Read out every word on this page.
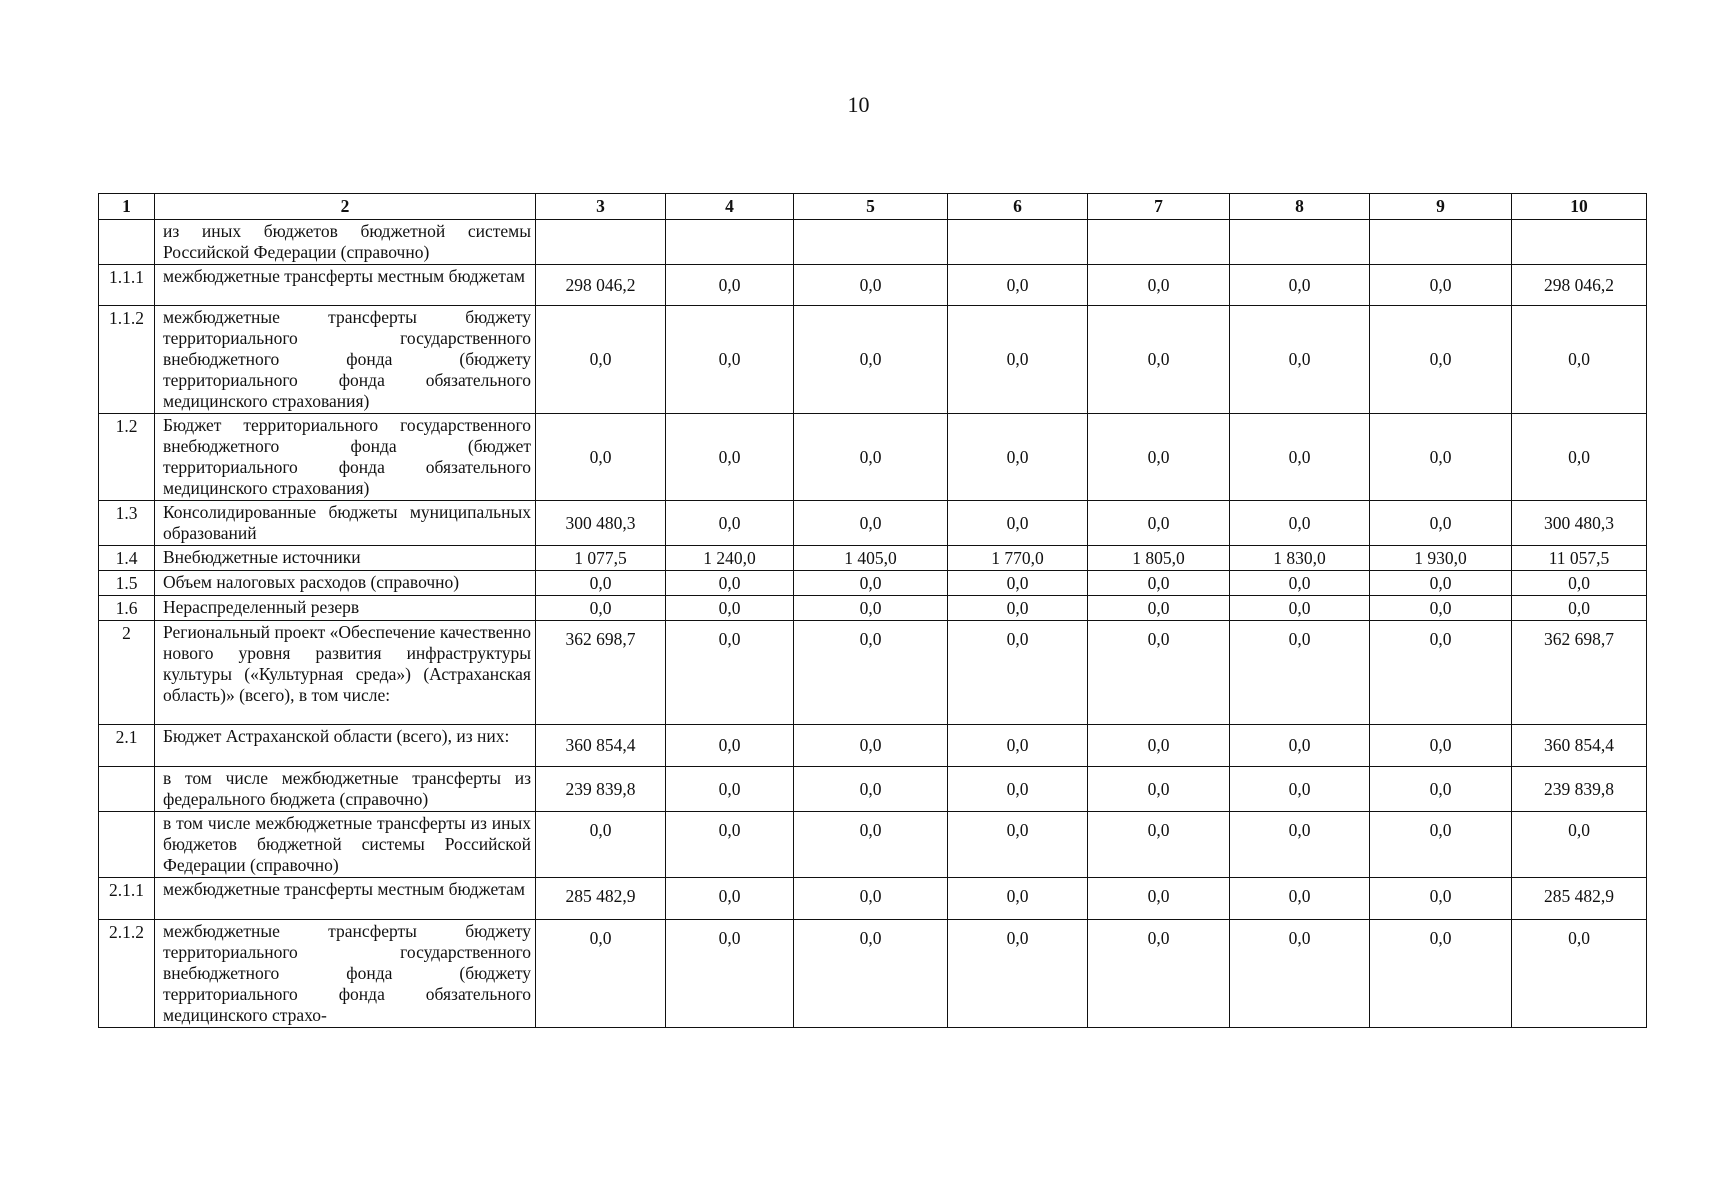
10
1	2	3	4	5	6	7	8	9	10
	из иных бюджетов бюджетной системы Российской Федерации (справочно)								
1.1.1	межбюджетные трансферты местным бюджетам	298 046,2	0,0	0,0	0,0	0,0	0,0	0,0	298 046,2
1.1.2	межбюджетные трансферты бюджету территориального государственного внебюджетного фонда (бюджету территориального фонда обязательного медицинского страхования)	0,0	0,0	0,0	0,0	0,0	0,0	0,0	0,0
1.2	Бюджет территориального государственного внебюджетного фонда (бюджет территориального фонда обязательного медицинского страхования)	0,0	0,0	0,0	0,0	0,0	0,0	0,0	0,0
1.3	Консолидированные бюджеты муниципальных образований	300 480,3	0,0	0,0	0,0	0,0	0,0	0,0	300 480,3
1.4	Внебюджетные источники	1 077,5	1 240,0	1 405,0	1 770,0	1 805,0	1 830,0	1 930,0	11 057,5
1.5	Объем налоговых расходов (справочно)	0,0	0,0	0,0	0,0	0,0	0,0	0,0	0,0
1.6	Нераспределенный резерв	0,0	0,0	0,0	0,0	0,0	0,0	0,0	0,0
2	Региональный проект «Обеспечение качественно нового уровня развития инфраструктуры культуры («Культурная среда») (Астраханская область)» (всего), в том числе:	362 698,7	0,0	0,0	0,0	0,0	0,0	0,0	362 698,7
2.1	Бюджет Астраханской области (всего), из них:	360 854,4	0,0	0,0	0,0	0,0	0,0	0,0	360 854,4
	в том числе межбюджетные трансферты из федерального бюджета (справочно)	239 839,8	0,0	0,0	0,0	0,0	0,0	0,0	239 839,8
	в том числе межбюджетные трансферты из иных бюджетов бюджетной системы Российской Федерации (справочно)	0,0	0,0	0,0	0,0	0,0	0,0	0,0	0,0
2.1.1	межбюджетные трансферты местным бюджетам	285 482,9	0,0	0,0	0,0	0,0	0,0	0,0	285 482,9
2.1.2	межбюджетные трансферты бюджету территориального государственного внебюджетного фонда (бюджету территориального фонда обязательного медицинского страхо-	0,0	0,0	0,0	0,0	0,0	0,0	0,0	0,0
